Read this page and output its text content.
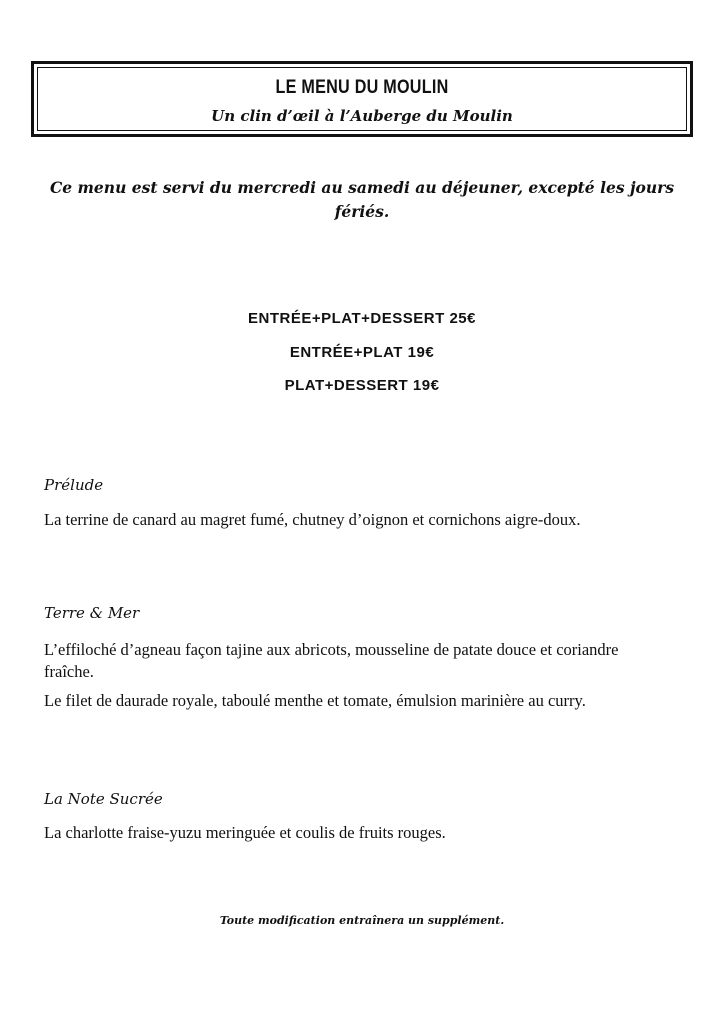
LE MENU DU MOULIN
Un clin d’œil à l’Auberge du Moulin
Ce menu est servi du mercredi au samedi au déjeuner, excepté les jours fériés.
ENTRÉE+PLAT+DESSERT 25€
ENTRÉE+PLAT 19€
PLAT+DESSERT 19€
Prélude
La terrine de canard au magret fumé, chutney d’oignon et cornichons aigre-doux.
Terre & Mer
L’effiloché d’agneau façon tajine aux abricots, mousseline de patate douce et coriandre fraîche.
Le filet de daurade royale, taboulé menthe et tomate, émulsion marinière au curry.
La Note Sucrée
La charlotte fraise-yuzu meringuée et coulis de fruits rouges.
Toute modification entraînera un supplément.
